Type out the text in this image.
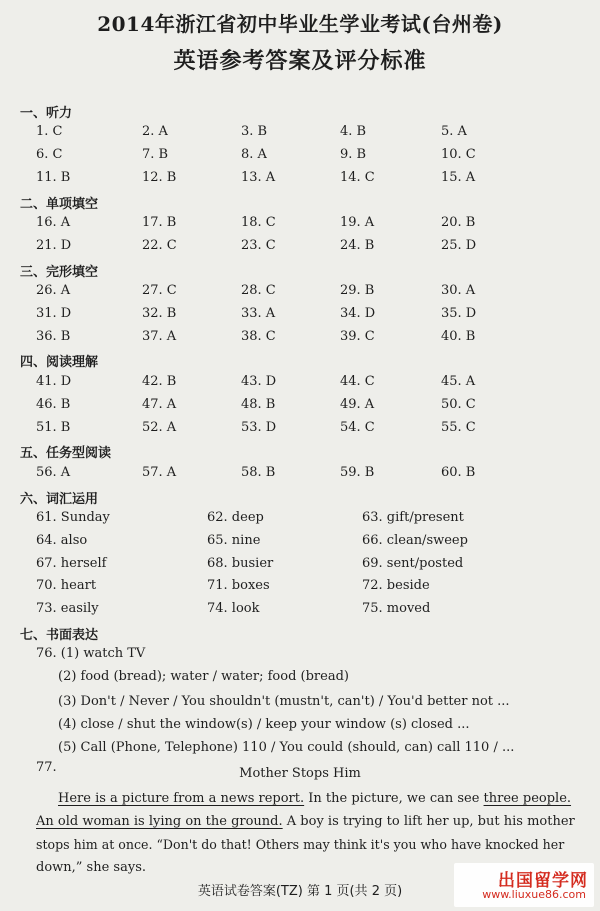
2014年浙江省初中毕业生学业考试(台州卷)
英语参考答案及评分标准
一、听力
1. C	2. A	3. B	4. B	5. A
6. C	7. B	8. A	9. B	10. C
11. B	12. B	13. A	14. C	15. A
二、单项填空
16. A	17. B	18. C	19. A	20. B
21. D	22. C	23. C	24. B	25. D
三、完形填空
26. A	27. C	28. C	29. B	30. A
31. D	32. B	33. A	34. D	35. D
36. B	37. A	38. C	39. C	40. B
四、阅读理解
41. D	42. B	43. D	44. C	45. A
46. B	47. A	48. B	49. A	50. C
51. B	52. A	53. D	54. C	55. C
五、任务型阅读
56. A	57. A	58. B	59. B	60. B
六、词汇运用
61. Sunday	62. deep	63. gift/present
64. also	65. nine	66. clean/sweep
67. herself	68. busier	69. sent/posted
70. heart	71. boxes	72. beside
73. easily	74. look	75. moved
七、书面表达
76. (1) watch TV
(2) food (bread); water / water; food (bread)
(3) Don't / Never / You shouldn't (mustn't, can't) / You'd better not ...
(4) close / shut the window(s) / keep your window (s) closed ...
(5) Call (Phone, Telephone) 110 / You could (should, can) call 110 / ...
77.	Mother Stops Him
Here is a picture from a news report. In the picture, we can see three people.
An old woman is lying on the ground. A boy is trying to lift her up, but his mother
stops him at once. “Don't do that! Others may think it's you who have knocked her
down,” she says.
英语试卷答案(TZ) 第 1 页(共 2 页)
出国留学网
www.liuxue86.com
